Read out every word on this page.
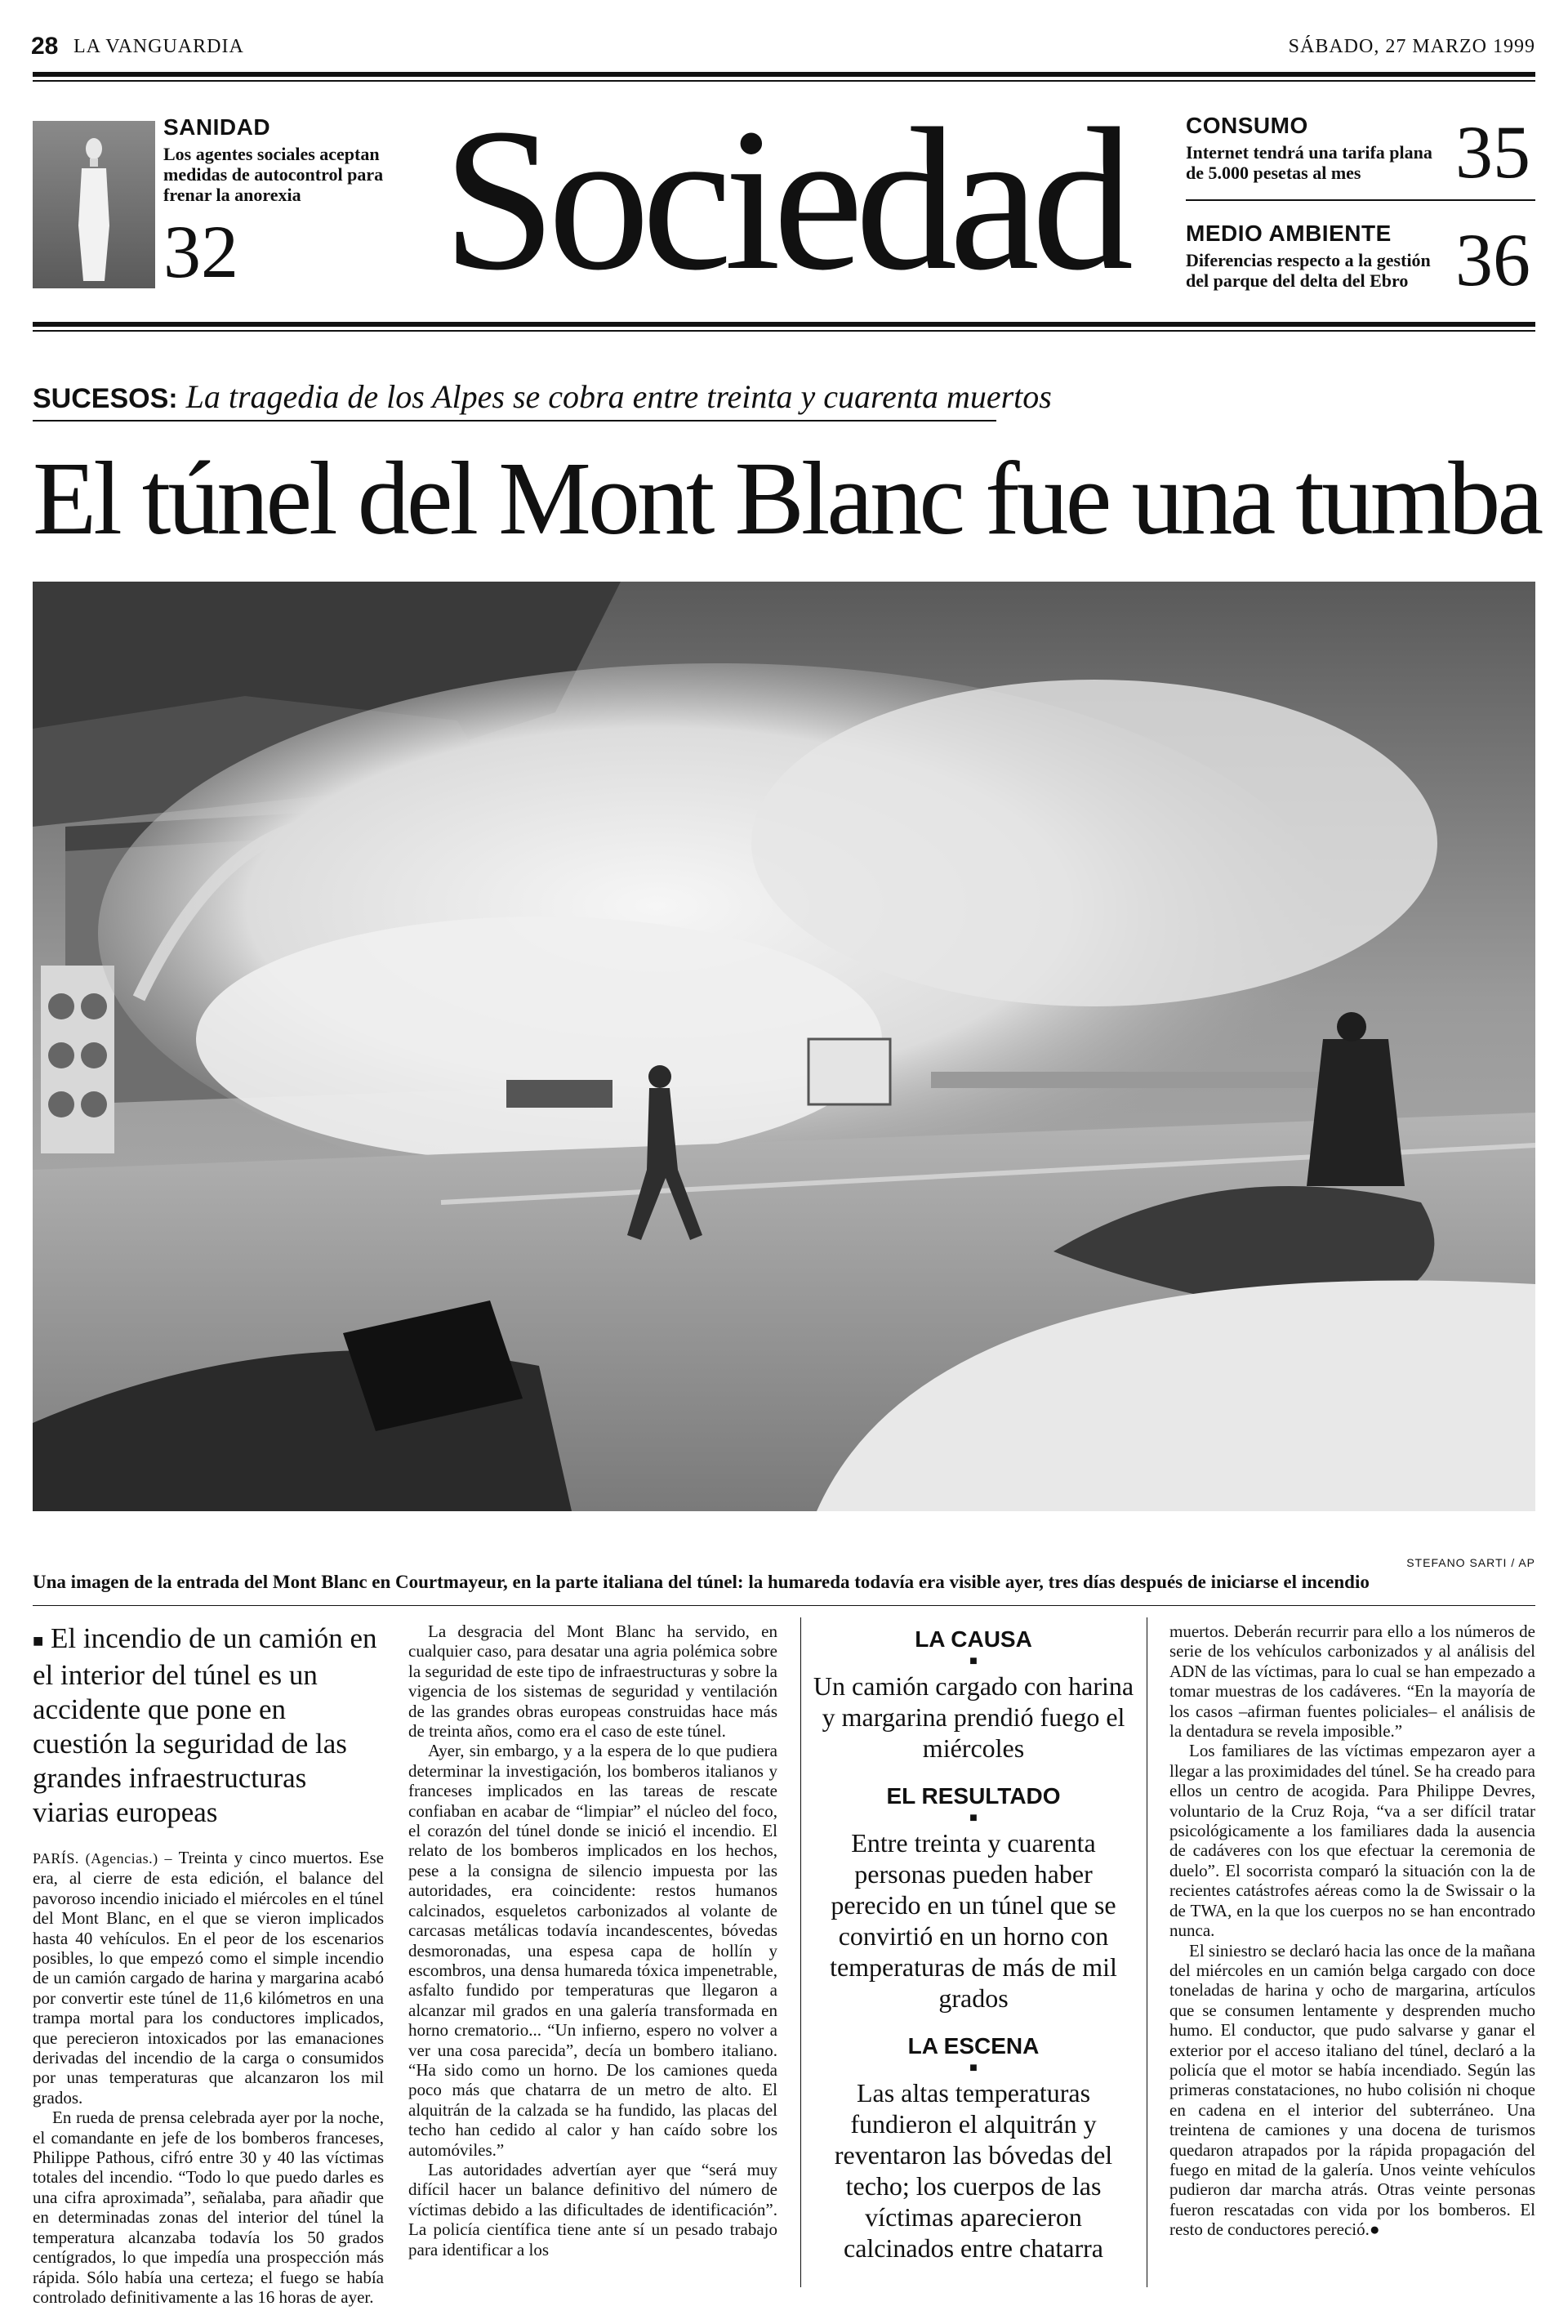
28 LA VANGUARDIA	SÁBADO, 27 MARZO 1999
SANIDAD
Los agentes sociales aceptan medidas de autocontrol para frenar la anorexia
32 Sociedad	CONSUMO
Internet tendrá una tarifa plana de 5.000 pesetas al mes	35
MEDIO AMBIENTE
Diferencias respecto a la gestión del parque del delta del Ebro 36
SUCESOS: La tragedia de los Alpes se cobra entre treinta y cuarenta muertos
El túnel del Mont Blanc fue una tumba
STEFANO SARTI / AP
Una imagen de la entrada del Mont Blanc en Courtmayeur, en la parte italiana del túnel: la humareda todavía era visible ayer, tres días después de iniciarse el incendio
■ El incendio de un camión en el interior del túnel es un accidente que pone en cuestión la seguridad de las grandes infraestructuras viarias europeas

PARÍS. (Agencias.) – Treinta y cinco muertos. Ese era, al cierre de esta edición, el balance del pavoroso incendio iniciado el miércoles en el túnel del Mont Blanc, en el que se vieron implicados hasta 40 vehículos. En el peor de los escenarios posibles, lo que empezó como el simple incendio de un camión cargado de harina y margarina acabó por convertir este túnel de 11,6 kilómetros en una trampa mortal para los conductores implicados, que perecieron intoxicados por las emanaciones derivadas del incendio de la carga o consumidos por unas temperaturas que alcanzaron los mil grados.

En rueda de prensa celebrada ayer por la noche, el comandante en jefe de los bomberos franceses, Philippe Pathous, cifró entre 30 y 40 las víctimas totales del incendio. “Todo lo que puedo darles es una cifra aproximada”, señalaba, para añadir que en determinadas zonas del interior del túnel la temperatura alcanzaba todavía los 50 grados centígrados, lo que impedía una prospección más rápida. Sólo había una certeza; el fuego se había controlado definitivamente a las 16 horas de ayer.

La desgracia del Mont Blanc ha servido, en cualquier caso, para desatar una agria polémica sobre la seguridad de este tipo de infraestructuras y sobre la vigencia de los sistemas de seguridad y ventilación de las grandes obras europeas construidas hace más de treinta años, como era el caso de este túnel.

Ayer, sin embargo, y a la espera de lo que pudiera determinar la investigación, los bomberos italianos y franceses implicados en las tareas de rescate confiaban en acabar de “limpiar” el núcleo del foco, el corazón del túnel donde se inició el incendio. El relato de los bomberos implicados en los hechos, pese a la consigna de silencio impuesta por las autoridades, era coincidente: restos humanos calcinados, esqueletos carbonizados al volante de carcasas metálicas todavía incandescentes, bóvedas desmoronadas, una espesa capa de hollín y escombros, una densa humareda tóxica impenetrable, asfalto fundido por temperaturas que llegaron a alcanzar mil grados en una galería transformada en horno crematorio... “Un infierno, espero no volver a ver una cosa parecida”, decía un bombero italiano. “Ha sido como un horno. De los camiones queda poco más que chatarra de un metro de alto. El alquitrán de la calzada se ha fundido, las placas del techo han cedido al calor y han caído sobre los automóviles.”

Las autoridades advertían ayer que “será muy difícil hacer un balance definitivo del número de víctimas debido a las dificultades de identificación”. La policía científica tiene ante sí un pesado trabajo para identificar a los

LA CAUSA
■
Un camión cargado con harina y margarina prendió fuego el miércoles
EL RESULTADO
■
Entre treinta y cuarenta personas pueden haber perecido en un túnel que se convirtió en un horno con temperaturas de más de mil grados
LA ESCENA
■
Las altas temperaturas fundieron el alquitrán y reventaron las bóvedas del techo; los cuerpos de las víctimas aparecieron calcinados entre chatarra

muertos. Deberán recurrir para ello a los números de serie de los vehículos carbonizados y al análisis del ADN de las víctimas, para lo cual se han empezado a tomar muestras de los cadáveres. “En la mayoría de los casos –afirman fuentes policiales– el análisis de la dentadura se revela imposible.”

Los familiares de las víctimas empezaron ayer a llegar a las proximidades del túnel. Se ha creado para ellos un centro de acogida. Para Philippe Devres, voluntario de la Cruz Roja, “va a ser difícil tratar psicológicamente a los familiares dada la ausencia de cadáveres con los que efectuar la ceremonia de duelo”. El socorrista comparó la situación con la de recientes catástrofes aéreas como la de Swissair o la de TWA, en la que los cuerpos no se han encontrado nunca.

El siniestro se declaró hacia las once de la mañana del miércoles en un camión belga cargado con doce toneladas de harina y ocho de margarina, artículos que se consumen lentamente y desprenden mucho humo. El conductor, que pudo salvarse y ganar el exterior por el acceso italiano del túnel, declaró a la policía que el motor se había incendiado. Según las primeras constataciones, no hubo colisión ni choque en cadena en el interior del subterráneo. Una treintena de camiones y una docena de turismos quedaron atrapados por la rápida propagación del fuego en mitad de la galería. Unos veinte vehículos pudieron dar marcha atrás. Otras veinte personas fueron rescatadas con vida por los bomberos. El resto de conductores pereció.●
